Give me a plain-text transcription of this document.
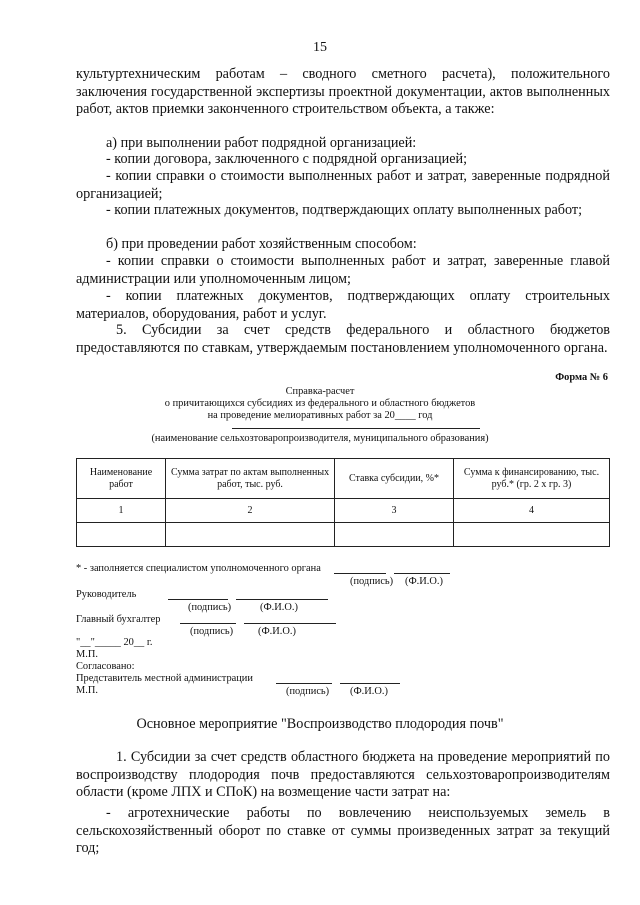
15
культуртехническим работам – сводного сметного расчета), положительного заключения государственной экспертизы проектной документации, актов выполненных работ, актов приемки законченного строительством объекта, а также:
а) при выполнении работ подрядной организацией:
- копии договора, заключенного с подрядной организацией;
- копии справки о стоимости выполненных работ и затрат, заверенные подрядной организацией;
- копии платежных документов, подтверждающих оплату выполненных работ;
б) при проведении работ хозяйственным способом:
- копии справки о стоимости выполненных работ и затрат, заверенные главой администрации или уполномоченным лицом;
- копии платежных документов, подтверждающих оплату строительных материалов, оборудования, работ и услуг.
5. Субсидии за счет средств федерального и областного бюджетов предоставляются по ставкам, утверждаемым постановлением уполномоченного органа.
Форма № 6
Справка-расчет
о причитающихся субсидиях из федерального и областного бюджетов
на проведение мелиоративных работ за 20____ год
(наименование сельхозтоваропроизводителя, муниципального образования)
Наименование работ	Сумма затрат по актам выполненных работ, тыс. руб.	Ставка субсидии, %*	Сумма к финансированию, тыс. руб.* (гр. 2 х гр. 3)
1	2	3	4

* - заполняется специалистом уполномоченного органа
(подпись) (Ф.И.О.)
Руководитель
(подпись)	(Ф.И.О.)
Главный бухгалтер
(подпись) (Ф.И.О.)
"__"_____ 20__ г.
М.П.
Согласовано:
Представитель местной администрации
М.П.	(подпись) (Ф.И.О.)
Основное мероприятие "Воспроизводство плодородия почв"
1. Субсидии за счет средств областного бюджета на проведение мероприятий по воспроизводству плодородия почв предоставляются сельхозтоваропроизводителям области (кроме ЛПХ и СПоК) на возмещение части затрат на:
- агротехнические работы по вовлечению неиспользуемых земель в сельскохозяйственный оборот по ставке от суммы произведенных затрат за текущий год;
